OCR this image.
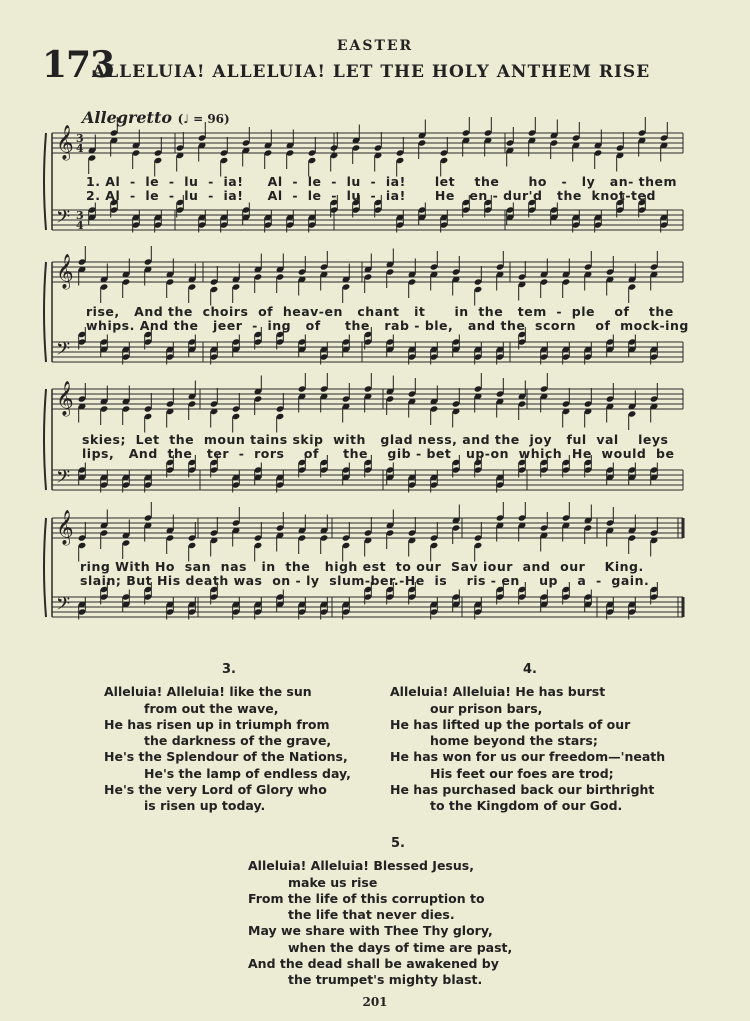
EASTER
173
ALLELUIA! ALLELUIA! LET THE HOLY ANTHEM RISE
Allegretto (♩ = 96)
𝄞
𝄢
3
4
3
4
𝄞
𝄢
𝄞
𝄢
𝄞
𝄢
1. Al  -  le  -  lu  -  ia!     Al  -  le  -  lu  -  ia!      let    the      ho   -   ly   an- them
2. Al  -  le  -  lu  -  ia!     Al  -  le  -  lu  -  ia!      He   en - dur'd   the  knot-ted
rise,   And the  choirs  of  heav-en   chant   it      in  the   tem  -  ple    of    the
whips. And the   jeer  -  ing   of     the   rab - ble,   and the  scorn    of  mock-ing
skies;  Let  the  moun tains skip  with   glad ness, and the  joy   ful  val    leys
lips,   And  the   ter  -  rors    of     the    gib - bet   up-on  which  He  would  be
ring With Ho  san  nas   in  the   high est  to our  Sav iour  and  our    King.
slain; But His death was  on - ly  slum-ber.-He  is    ris - en    up    a  -  gain.
3.
Alleluia! Alleluia! like the sun
from out the wave,
He has risen up in triumph from
the darkness of the grave,
He's the Splendour of the Nations,
He's the lamp of endless day,
He's the very Lord of Glory who
is risen up today.
4.
Alleluia! Alleluia! He has burst
our prison bars,
He has lifted up the portals of our
home beyond the stars;
He has won for us our freedom—'neath
His feet our foes are trod;
He has purchased back our birthright
to the Kingdom of our God.
5.
Alleluia! Alleluia! Blessed Jesus,
make us rise
From the life of this corruption to
the life that never dies.
May we share with Thee Thy glory,
when the days of time are past,
And the dead shall be awakened by
the trumpet's mighty blast.
201
